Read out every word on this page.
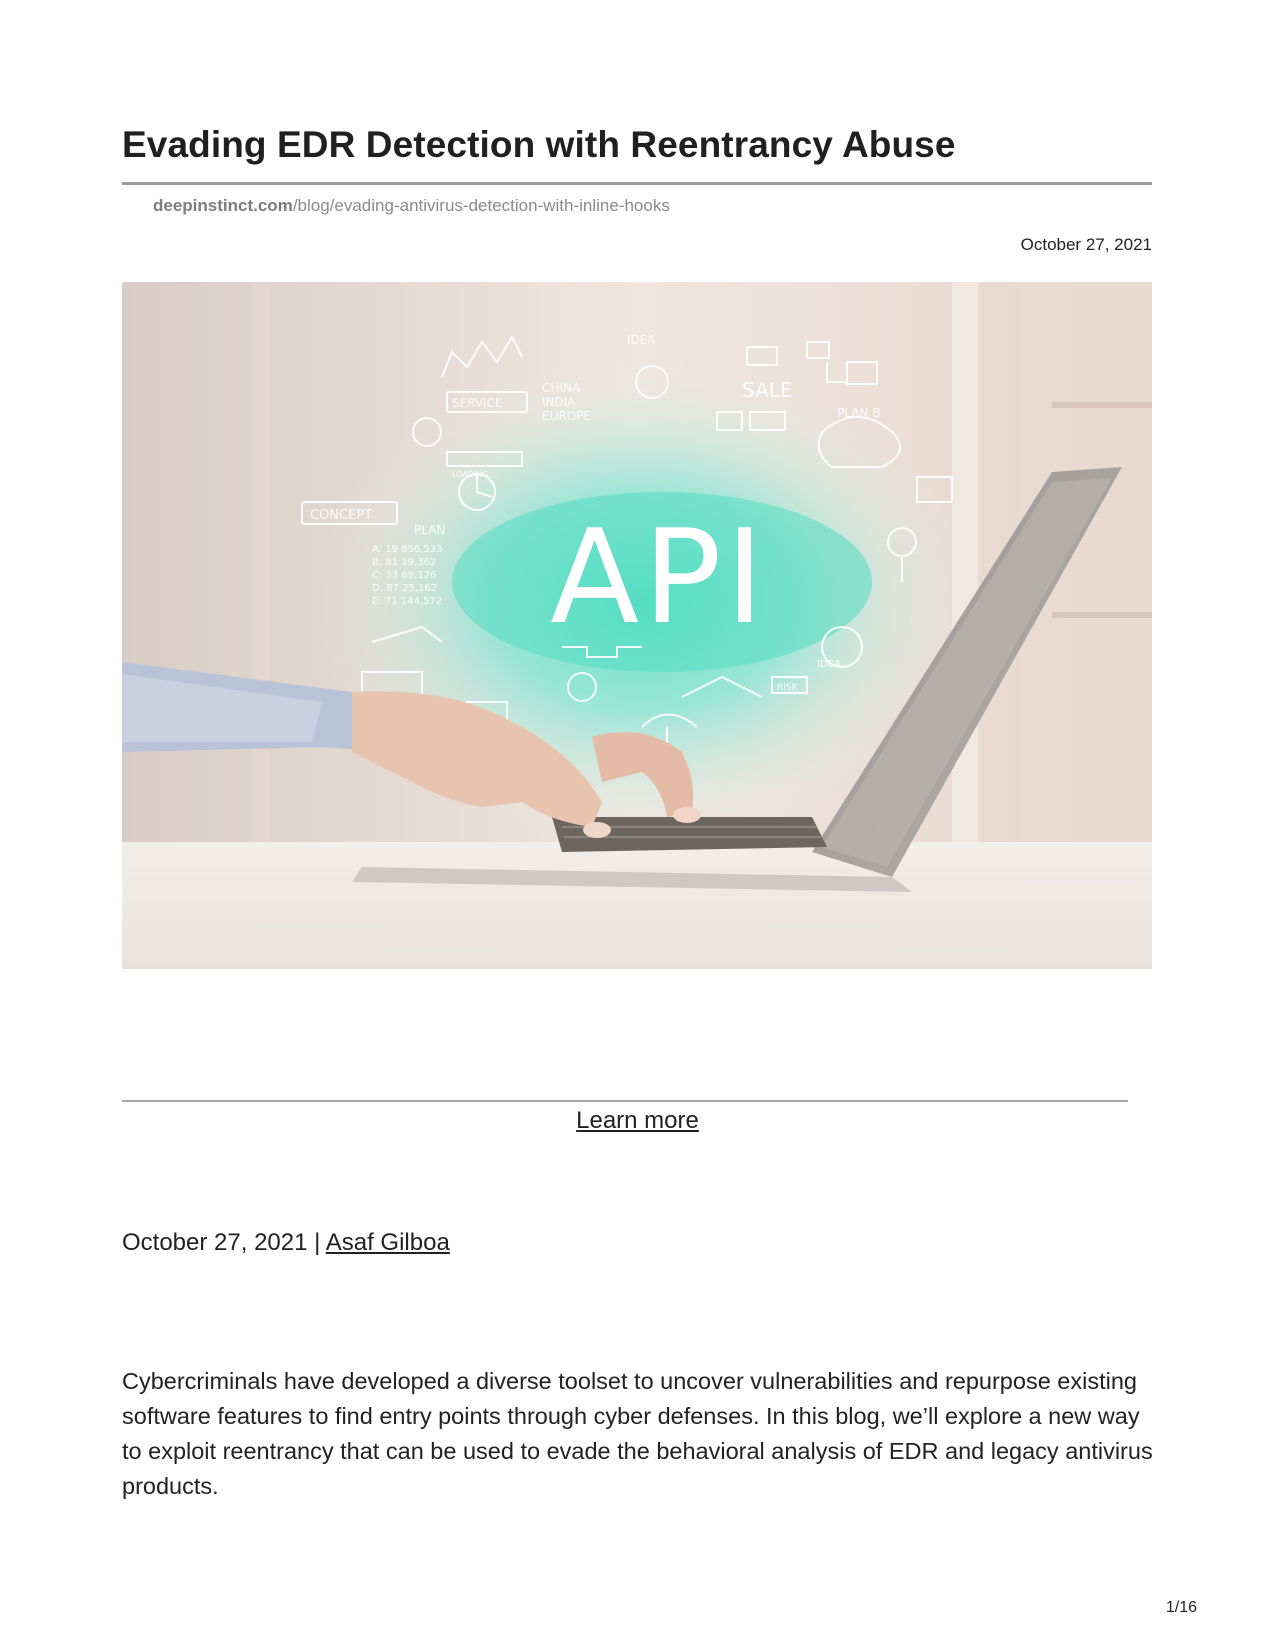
Evading EDR Detection with Reentrancy Abuse
deepinstinct.com/blog/evading-antivirus-detection-with-inline-hooks
October 27, 2021
SERVICE
CHINA
INDIA
EUROPE
IDEA
SALE
PLAN B
CONCEPT
PLAN
LOADING...
IDEA
RISK
A: 19 856,533
B: 81 19,362
C: 33 69,126
D: 87 25,162
E: 71 144,572 API
Learn more
October 27, 2021 | Asaf Gilboa

Cybercriminals have developed a diverse toolset to uncover vulnerabilities and repurpose existing software features to find entry points through cyber defenses. In this blog, we’ll explore a new way to exploit reentrancy that can be used to evade the behavioral analysis of EDR and legacy antivirus products.

1/16
